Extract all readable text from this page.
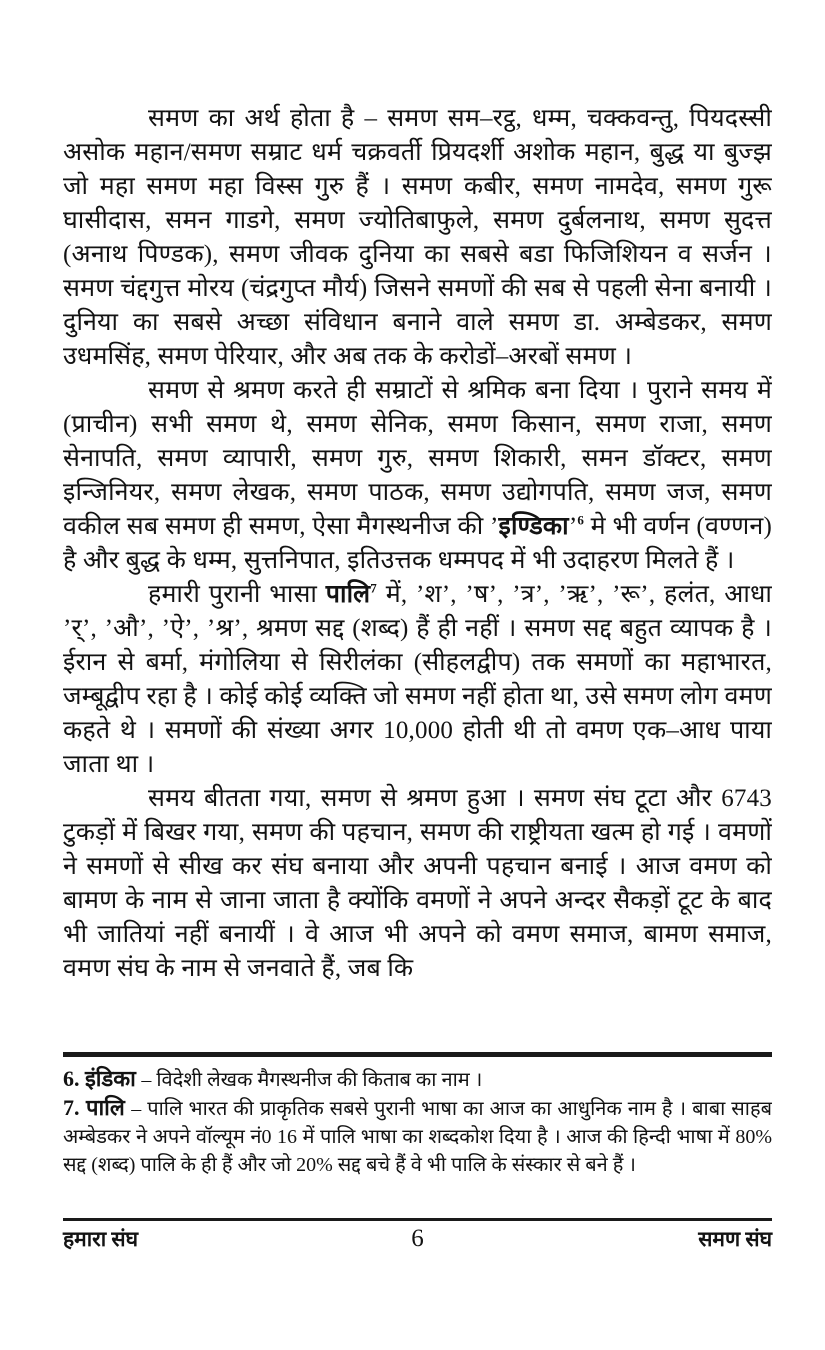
समण का अर्थ होता है – समण सम–रट्ठ, धम्म, चक्कवन्तु, पियदस्सी असोक महान/समण सम्राट धर्म चक्रवर्ती प्रियदर्शी अशोक महान, बुद्ध या बुज्झ जो महा समण महा विस्स गुरु हैं । समण कबीर, समण नामदेव, समण गुरू घासीदास, समन गाडगे, समण ज्योतिबाफुले, समण दुर्बलनाथ, समण सुदत्त (अनाथ पिण्डक), समण जीवक दुनिया का सबसे बडा फिजिशियन व सर्जन । समण चंद्दगुत्त मोरय (चंद्रगुप्त मौर्य) जिसने समणों की सब से पहली सेना बनायी । दुनिया का सबसे अच्छा संविधान बनाने वाले समण डा. अम्बेडकर, समण उधमसिंह, समण पेरियार, और अब तक के करोडों–अरबों समण ।

समण से श्रमण करते ही सम्राटों से श्रमिक बना दिया । पुराने समय में (प्राचीन) सभी समण थे, समण सेनिक, समण किसान, समण राजा, समण सेनापति, समण व्यापारी, समण गुरु, समण शिकारी, समन डॉक्टर, समण इन्जिनियर, समण लेखक, समण पाठक, समण उद्योगपति, समण जज, समण वकील सब समण ही समण, ऐसा मैगस्थनीज की ’इण्डिका’$^6$ मे भी वर्णन (वण्णन) है और बुद्ध के धम्म, सुत्तनिपात, इतिउत्तक धम्मपद में भी उदाहरण मिलते हैं ।

हमारी पुरानी भासा पालि$^7$ में, ’श’, ’ष’, ’त्र’, ’ऋ’, ’रू’, हलंत, आधा ’र्’, ’औ’, ’ऐ’, ’श्र’, श्रमण सद्द (शब्द) हैं ही नहीं । समण सद्द बहुत व्यापक है । ईरान से बर्मा, मंगोलिया से सिरीलंका (सीहलद्वीप) तक समणों का महाभारत, जम्बूद्वीप रहा है । कोई कोई व्यक्ति जो समण नहीं होता था, उसे समण लोग वमण कहते थे । समणों की संख्या अगर 10,000 होती थी तो वमण एक–आध पाया जाता था ।

समय बीतता गया, समण से श्रमण हुआ । समण संघ टूटा और 6743 टुकड़ों में बिखर गया, समण की पहचान, समण की राष्ट्रीयता खत्म हो गई । वमणों ने समणों से सीख कर संघ बनाया और अपनी पहचान बनाई । आज वमण को बामण के नाम से जाना जाता है क्योंकि वमणों ने अपने अन्दर सैकड़ों टूट के बाद भी जातियां नहीं बनायीं । वे आज भी अपने को वमण समाज, बामण समाज, वमण संघ के नाम से जनवाते हैं, जब कि

6. इंडिका – विदेशी लेखक मैगस्थनीज की किताब का नाम ।

7. पालि – पालि भारत की प्राकृतिक सबसे पुरानी भाषा का आज का आधुनिक नाम है । बाबा साहब अम्बेडकर ने अपने वॉल्यूम नं0 16 में पालि भाषा का शब्दकोश दिया है । आज की हिन्दी भाषा में 80% सद्द (शब्द) पालि के ही हैं और जो 20% सद्द बचे हैं वे भी पालि के संस्कार से बने हैं ।

हमारा संघ	6	समण संघ
